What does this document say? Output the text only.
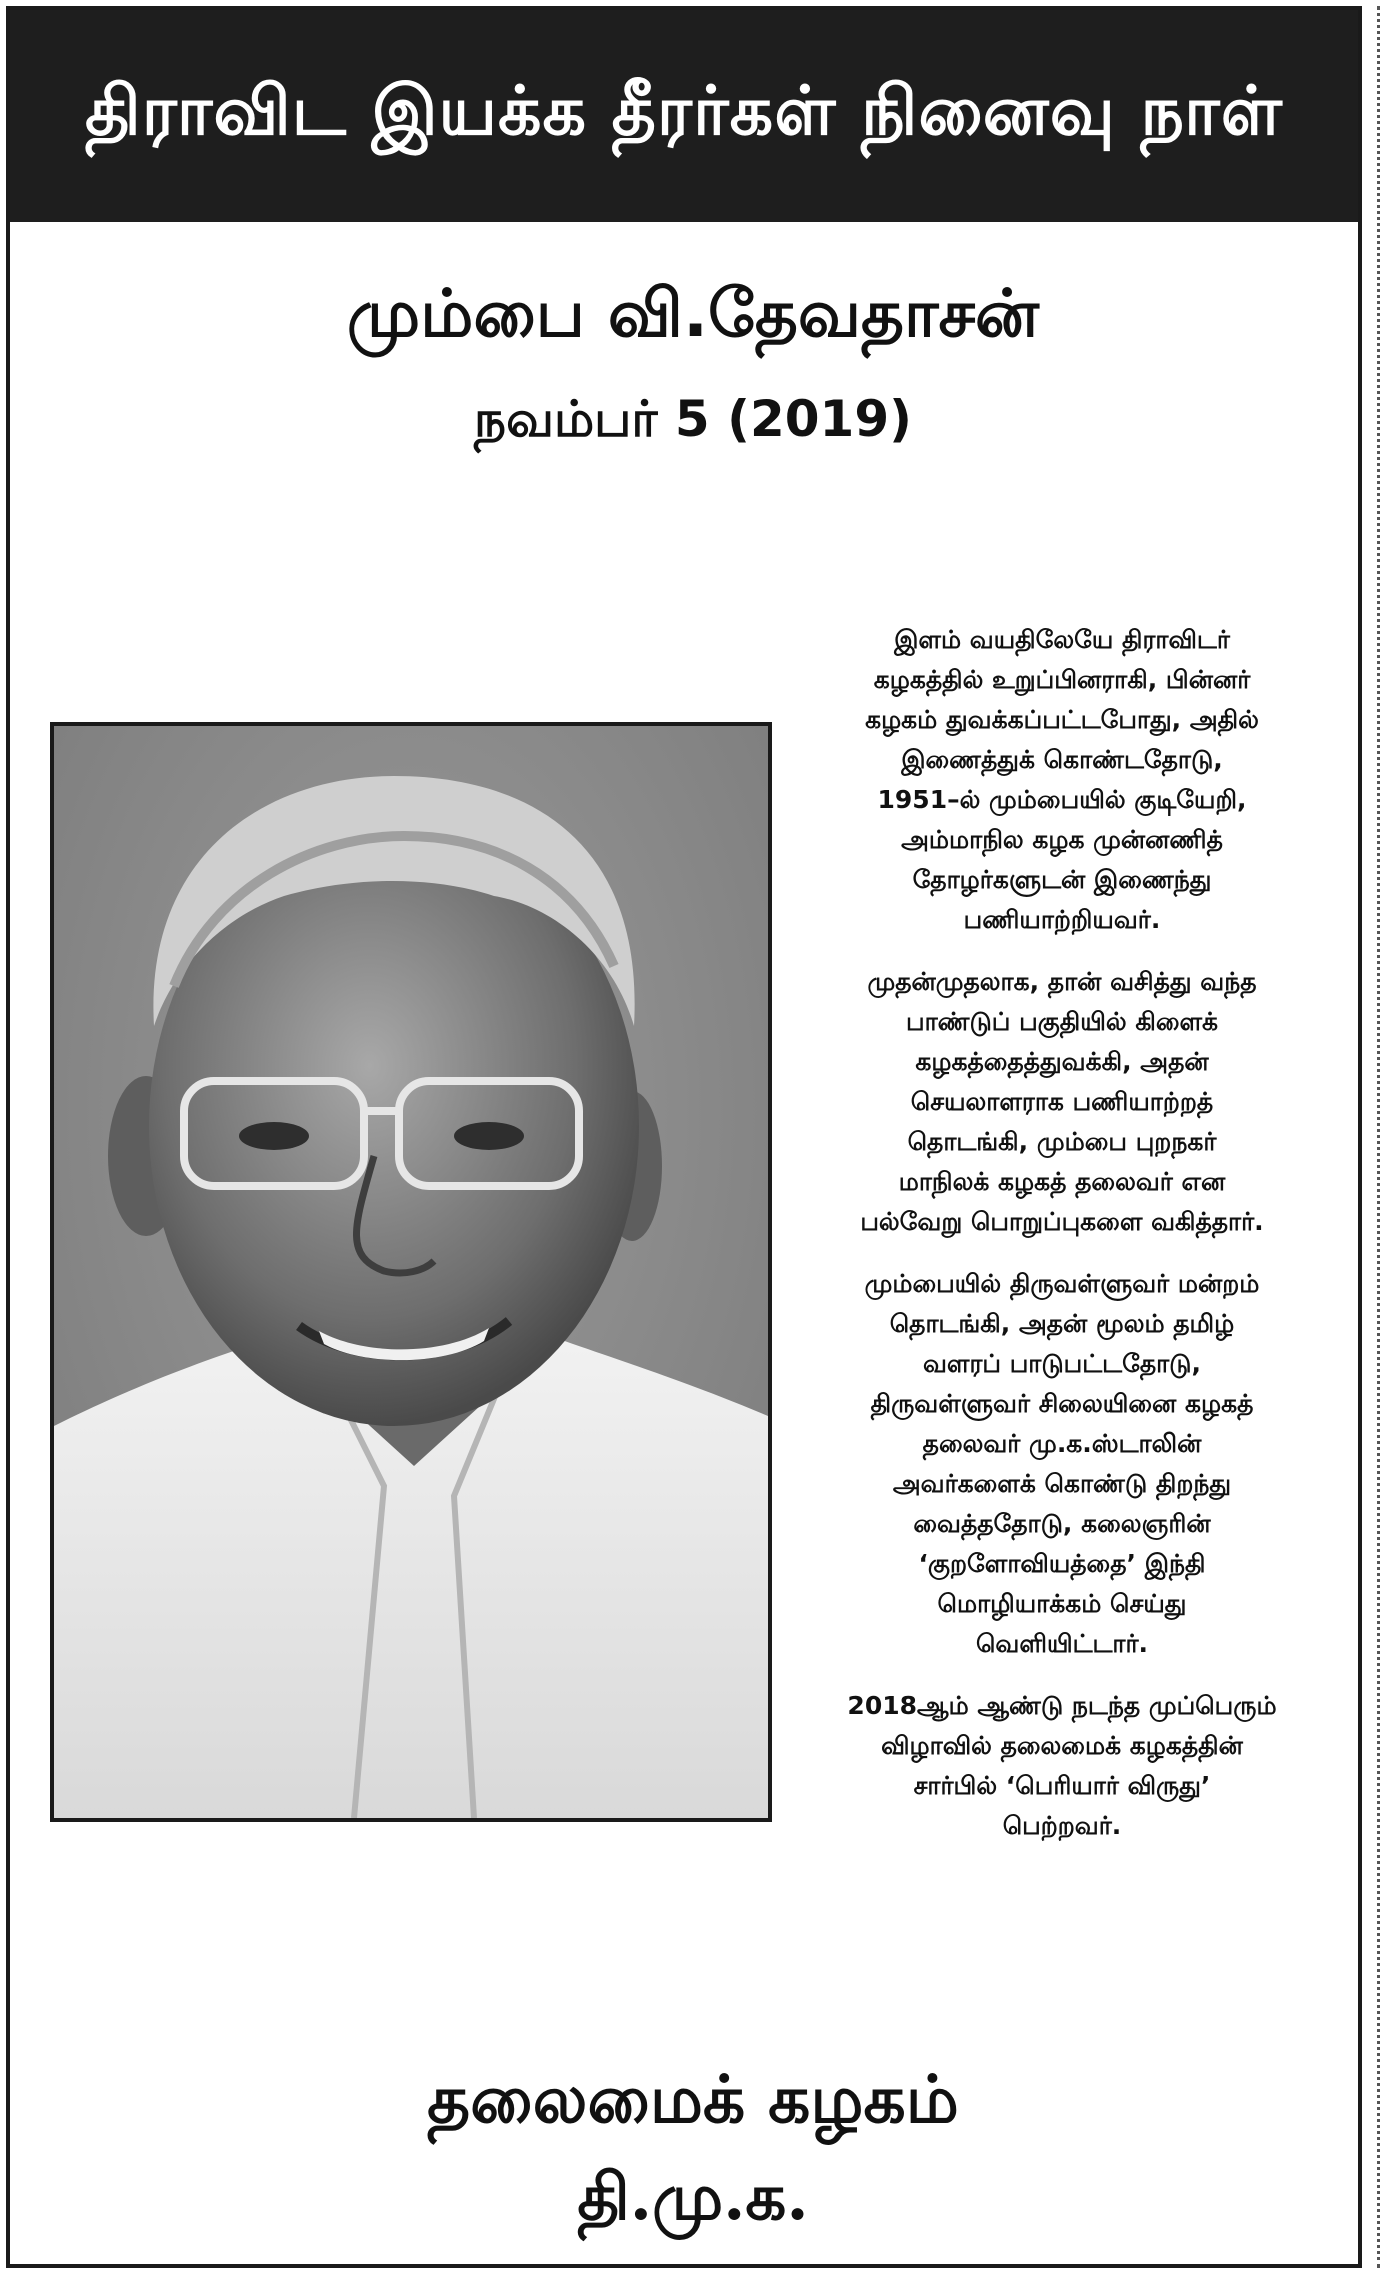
திராவிட இயக்க தீரர்கள் நினைவு நாள்
மும்பை வி.தேவதாசன்
நவம்பர் 5 (2019)

இளம் வயதிலேயே திராவிடர்
கழகத்தில் உறுப்பினராகி, பின்னர்
கழகம் துவக்கப்பட்டபோது, அதில்
இணைத்துக் கொண்டதோடு,
1951–ல் மும்பையில் குடியேறி,
அம்மாநில கழக முன்னணித்
தோழர்களுடன் இணைந்து
பணியாற்றியவர்.

முதன்முதலாக, தான் வசித்து வந்த
பாண்டுப் பகுதியில் கிளைக்
கழகத்தைத்துவக்கி, அதன்
செயலாளராக பணியாற்றத்
தொடங்கி, மும்பை புறநகர்
மாநிலக் கழகத் தலைவர் என
பல்வேறு பொறுப்புகளை வகித்தார்.

மும்பையில் திருவள்ளுவர் மன்றம்
தொடங்கி, அதன் மூலம் தமிழ்
வளரப் பாடுபட்டதோடு,
திருவள்ளுவர் சிலையினை கழகத்
தலைவர் மு.க.ஸ்டாலின்
அவர்களைக் கொண்டு திறந்து
வைத்ததோடு, கலைஞரின்
‘குறளோவியத்தை’ இந்தி
மொழியாக்கம் செய்து
வெளியிட்டார்.

2018ஆம் ஆண்டு நடந்த முப்பெரும்
விழாவில் தலைமைக் கழகத்தின்
சார்பில் ‘பெரியார் விருது’
பெற்றவர்.

தலைமைக் கழகம்
தி.மு.க.
